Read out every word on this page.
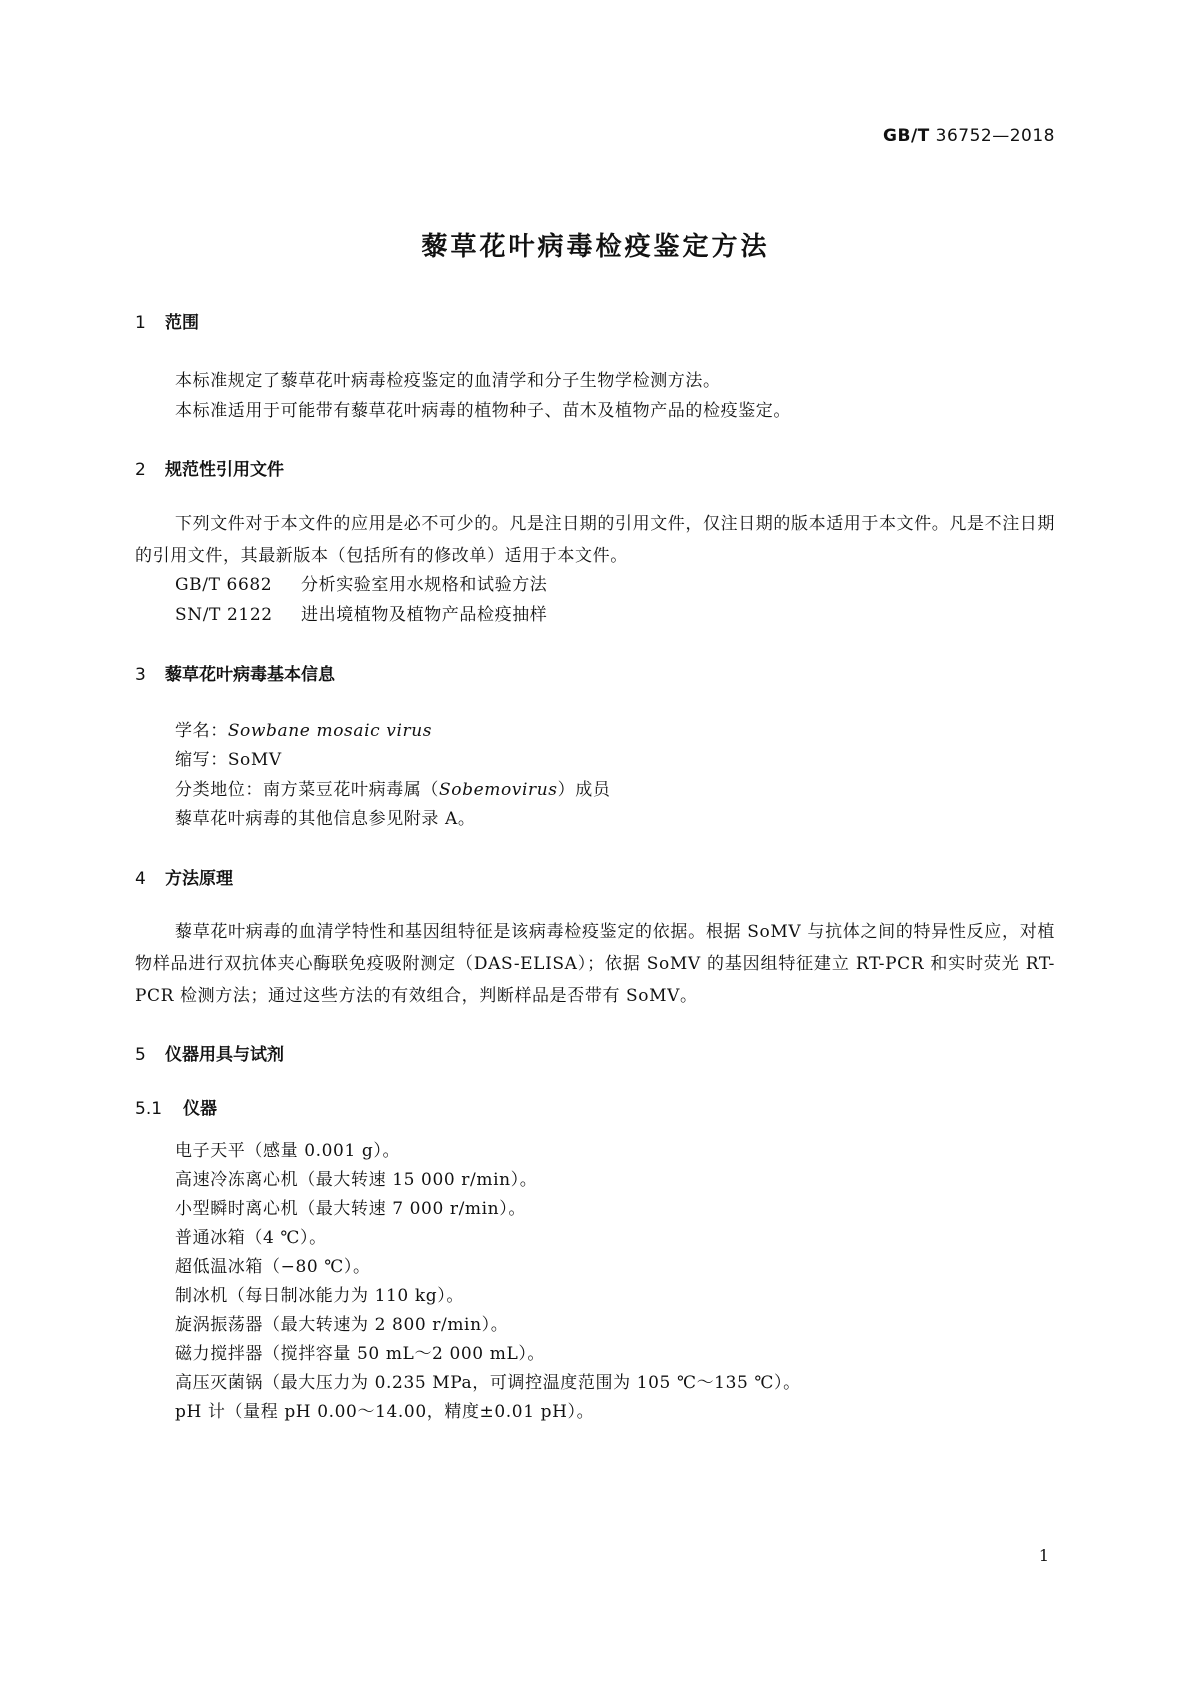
GB/T 36752—2018
藜草花叶病毒检疫鉴定方法
1 范围
本标准规定了藜草花叶病毒检疫鉴定的血清学和分子生物学检测方法。
本标准适用于可能带有藜草花叶病毒的植物种子、苗木及植物产品的检疫鉴定。
2 规范性引用文件
下列文件对于本文件的应用是必不可少的。凡是注日期的引用文件，仅注日期的版本适用于本文件。凡是不注日期的引用文件，其最新版本（包括所有的修改单）适用于本文件。
GB/T 6682 分析实验室用水规格和试验方法
SN/T 2122 进出境植物及植物产品检疫抽样
3 藜草花叶病毒基本信息
学名：Sowbane mosaic virus
缩写：SoMV
分类地位：南方菜豆花叶病毒属（Sobemovirus）成员
藜草花叶病毒的其他信息参见附录 A。
4 方法原理
藜草花叶病毒的血清学特性和基因组特征是该病毒检疫鉴定的依据。根据 SoMV 与抗体之间的特异性反应，对植物样品进行双抗体夹心酶联免疫吸附测定（DAS-ELISA）；依据 SoMV 的基因组特征建立 RT-PCR 和实时荧光 RT-PCR 检测方法；通过这些方法的有效组合，判断样品是否带有 SoMV。
5 仪器用具与试剂
5.1 仪器
电子天平（感量 0.001 g）。
高速冷冻离心机（最大转速 15 000 r/min）。
小型瞬时离心机（最大转速 7 000 r/min）。
普通冰箱（4 ℃）。
超低温冰箱（−80 ℃）。
制冰机（每日制冰能力为 110 kg）。
旋涡振荡器（最大转速为 2 800 r/min）。
磁力搅拌器（搅拌容量 50 mL～2 000 mL）。
高压灭菌锅（最大压力为 0.235 MPa，可调控温度范围为 105 ℃～135 ℃）。
pH 计（量程 pH 0.00～14.00，精度±0.01 pH）。
1
